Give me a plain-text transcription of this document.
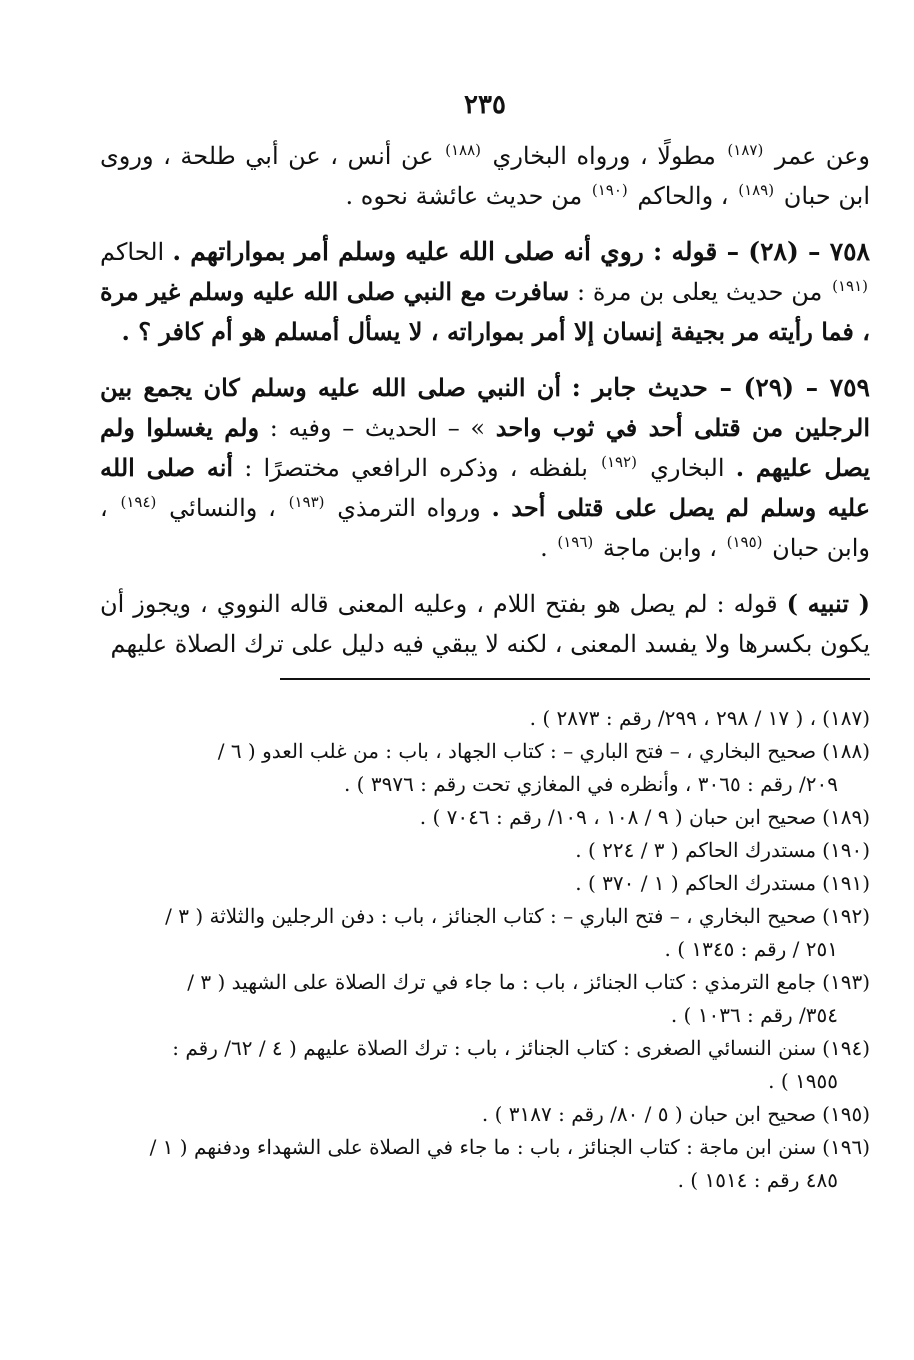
٢٣٥

وعن عمر $^{(١٨٧)}$ مطولًا ، ورواه البخاري $^{(١٨٨)}$ عن أنس ، عن أبي طلحة ، وروى ابن حبان $^{(١٨٩)}$ ، والحاكم $^{(١٩٠)}$ من حديث عائشة نحوه .

٧٥٨ – (٢٨) – قوله : روي أنه صلى الله عليه وسلم أمر بمواراتهم . الحاكم $^{(١٩١)}$ من حديث يعلى بن مرة : سافرت مع النبي صلى الله عليه وسلم غير مرة ، فما رأيته مر بجيفة إنسان إلا أمر بمواراته ، لا يسأل أمسلم هو أم كافر ؟ .

٧٥٩ – (٢٩) – حديث جابر : أن النبي صلى الله عليه وسلم كان يجمع بين الرجلين من قتلى أحد في ثوب واحد » – الحديث – وفيه : ولم يغسلوا ولم يصل عليهم . البخاري $^{(١٩٢)}$ بلفظه ، وذكره الرافعي مختصرًا : أنه صلى الله عليه وسلم لم يصل على قتلى أحد . ورواه الترمذي $^{(١٩٣)}$ ، والنسائي $^{(١٩٤)}$ ، وابن حبان $^{(١٩٥)}$ ، وابن ماجة $^{(١٩٦)}$ .

( تنبيه ) قوله : لم يصل هو بفتح اللام ، وعليه المعنى قاله النووي ، ويجوز أن يكون بكسرها ولا يفسد المعنى ، لكنه لا يبقي فيه دليل على ترك الصلاة عليهم

(١٨٧)، ( ١٧ / ٢٩٨ ، ٢٩٩/ رقم : ٢٨٧٣ ) .
(١٨٨)صحيح البخاري ، – فتح الباري – : كتاب الجهاد ، باب : من غلب العدو ( ٦ /
٢٠٩/ رقم : ٣٠٦٥ ، وأنظره في المغازي تحت رقم : ٣٩٧٦ ) .
(١٨٩)صحيح ابن حبان ( ٩ / ١٠٨ ، ١٠٩/ رقم : ٧٠٤٦ ) .
(١٩٠)مستدرك الحاكم ( ٣ / ٢٢٤ ) .
(١٩١)مستدرك الحاكم ( ١ / ٣٧٠ ) .
(١٩٢)صحيح البخاري ، – فتح الباري – : كتاب الجنائز ، باب : دفن الرجلين والثلاثة ( ٣ /
٢٥١ / رقم : ١٣٤٥ ) .
(١٩٣)جامع الترمذي : كتاب الجنائز ، باب : ما جاء في ترك الصلاة على الشهيد ( ٣ /
٣٥٤/ رقم : ١٠٣٦ ) .
(١٩٤)سنن النسائي الصغرى : كتاب الجنائز ، باب : ترك الصلاة عليهم ( ٤ / ٦٢/ رقم :
١٩٥٥ ) .
(١٩٥)صحيح ابن حبان ( ٥ / ٨٠/ رقم : ٣١٨٧ ) .
(١٩٦)سنن ابن ماجة : كتاب الجنائز ، باب : ما جاء في الصلاة على الشهداء ودفنهم ( ١ /
٤٨٥ رقم : ١٥١٤ ) .
